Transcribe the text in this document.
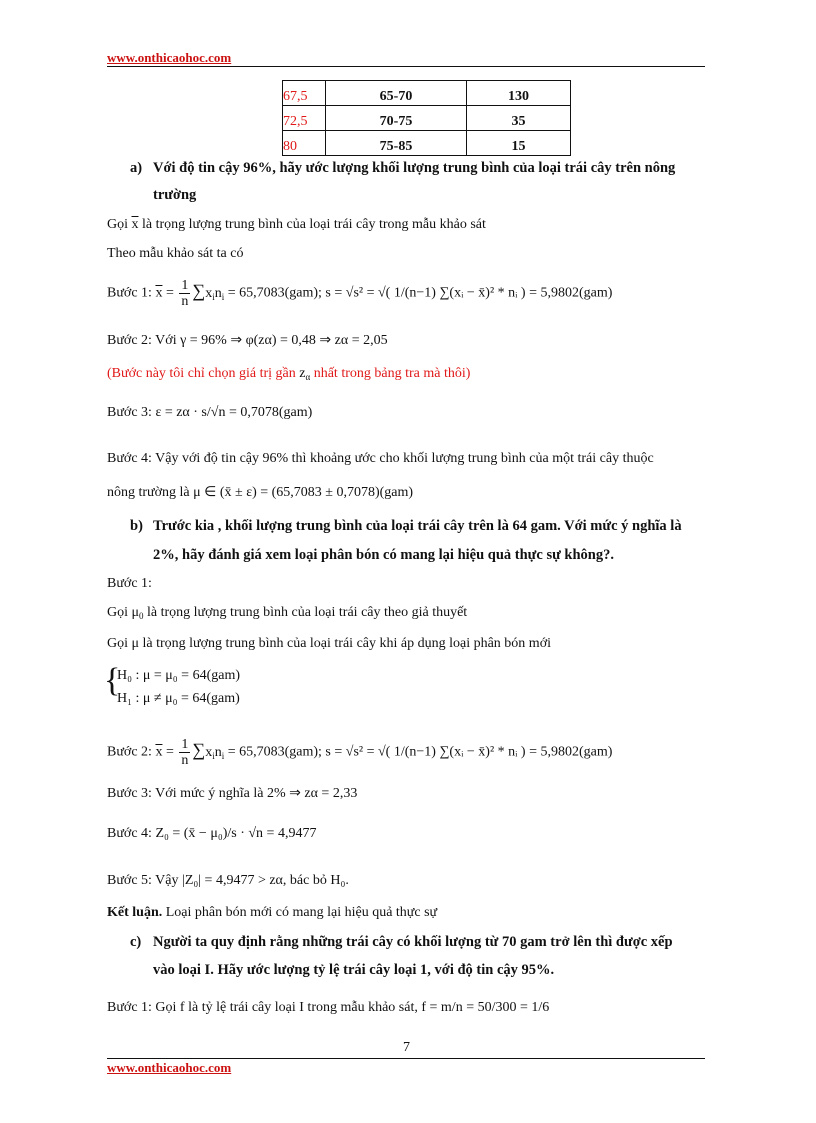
www.onthicaohoc.com
67,5	65-70	130
72,5	70-75	35
80	75-85	15
a) Với độ tin cậy 96%, hãy ước lượng khối lượng trung bình của loại trái cây trên nông
trường
Gọi $\overline{x}$ là trọng lượng trung bình của loại trái cây trong mẫu khảo sát
Theo mẫu khảo sát ta có
Bước 1: $\overline{x} = \frac{1}{n} \sum x_in_i = 65,7083(gam)$; s = √s² = √( 1/(n−1) ∑(xᵢ − x̄)² * nᵢ ) = 5,9802(gam)
Bước 2: Với γ = 96% ⇒ φ(zα) = 0,48 ⇒ zα = 2,05
(Bước này tôi chỉ chọn giá trị gần $z_\alpha$ nhất trong bảng tra mà thôi)
Bước 3: ε = zα · s/√n = 0,7078(gam)
Bước 4: Vậy với độ tin cậy 96% thì khoảng ước cho khối lượng trung bình của một trái cây thuộc
nông trường là μ ∈ (x̄ ± ε) = (65,7083 ± 0,7078)(gam)
b) Trước kia , khối lượng trung bình của loại trái cây trên là 64 gam. Với mức ý nghĩa là
2%, hãy đánh giá xem loại phân bón có mang lại hiệu quả thực sự không?.
Bước 1:
Gọi $\mu_0$ là trọng lượng trung bình của loại trái cây theo giả thuyết
Gọi μ là trọng lượng trung bình của loại trái cây khi áp dụng loại phân bón mới
{
H₀ : μ = μ₀ = 64(gam)
H₁ : μ ≠ μ₀ = 64(gam)
Bước 2: $\overline{x} = \frac{1}{n} \sum x_in_i = 65,7083(gam)$; s = √s² = √( 1/(n−1) ∑(xᵢ − x̄)² * nᵢ ) = 5,9802(gam)
Bước 3: Với mức ý nghĩa là 2% ⇒ zα = 2,33
Bước 4: Z₀ = (x̄ − μ₀)/s · √n = 4,9477
Bước 5: Vậy |Z₀| = 4,9477 > zα, bác bỏ H₀.
Kết luận. Loại phân bón mới có mang lại hiệu quả thực sự
c) Người ta quy định rằng những trái cây có khối lượng từ 70 gam trở lên thì được xếp
vào loại I. Hãy ước lượng tỷ lệ trái cây loại 1, với độ tin cậy 95%.
Bước 1: Gọi f là tỷ lệ trái cây loại I trong mẫu khảo sát, f = m/n = 50/300 = 1/6
7
www.onthicaohoc.com
